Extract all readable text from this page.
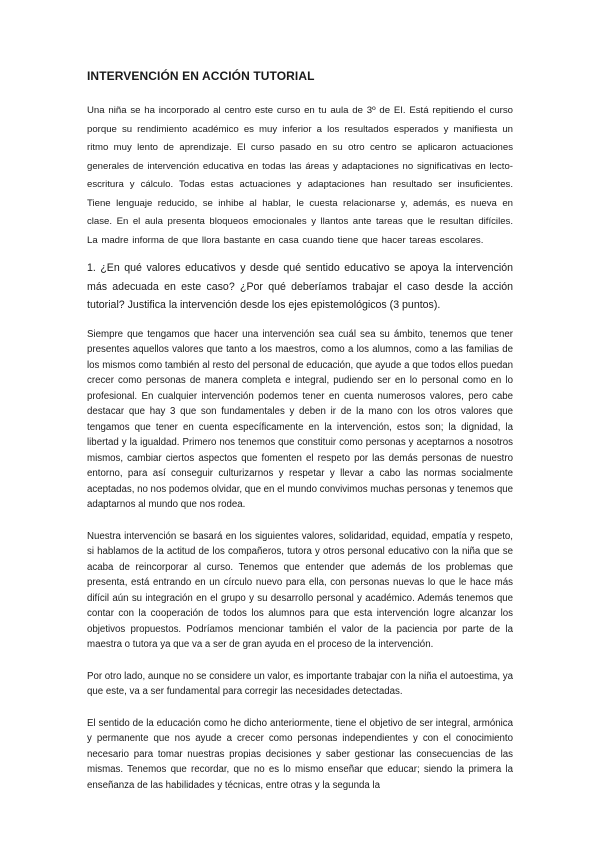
INTERVENCIÓN EN ACCIÓN TUTORIAL

Una niña se ha incorporado al centro este curso en tu aula de 3º de EI. Está repitiendo el curso porque su rendimiento académico es muy inferior a los resultados esperados y manifiesta un ritmo muy lento de aprendizaje. El curso pasado en su otro centro se aplicaron actuaciones generales de intervención educativa en todas las áreas y adaptaciones no significativas en lecto-escritura y cálculo. Todas estas actuaciones y adaptaciones han resultado ser insuficientes. Tiene lenguaje reducido, se inhibe al hablar, le cuesta relacionarse y, además, es nueva en clase. En el aula presenta bloqueos emocionales y llantos ante tareas que le resultan difíciles. La madre informa de que llora bastante en casa cuando tiene que hacer tareas escolares.

1. ¿En qué valores educativos y desde qué sentido educativo se apoya la intervención más adecuada en este caso? ¿Por qué deberíamos trabajar el caso desde la acción tutorial? Justifica la intervención desde los ejes epistemológicos (3 puntos).

Siempre que tengamos que hacer una intervención sea cuál sea su ámbito, tenemos que tener presentes aquellos valores que tanto a los maestros, como a los alumnos, como a las familias de los mismos como también al resto del personal de educación, que ayude a que todos ellos puedan crecer como personas de manera completa e integral, pudiendo ser en lo personal como en lo profesional. En cualquier intervención podemos tener en cuenta numerosos valores, pero cabe destacar que hay 3 que son fundamentales y deben ir de la mano con los otros valores que tengamos que tener en cuenta específicamente en la intervención, estos son; la dignidad, la libertad y la igualdad. Primero nos tenemos que constituir como personas y aceptarnos a nosotros mismos, cambiar ciertos aspectos que fomenten el respeto por las demás personas de nuestro entorno, para así conseguir culturizarnos y respetar y llevar a cabo las normas socialmente aceptadas, no nos podemos olvidar, que en el mundo convivimos muchas personas y tenemos que adaptarnos al mundo que nos rodea.

Nuestra intervención se basará en los siguientes valores, solidaridad, equidad, empatía y respeto, si hablamos de la actitud de los compañeros, tutora y otros personal educativo con la niña que se acaba de reincorporar al curso. Tenemos que entender que además de los problemas que presenta, está entrando en un círculo nuevo para ella, con personas nuevas lo que le hace más difícil aún su integración en el grupo y su desarrollo personal y académico. Además tenemos que contar con la cooperación de todos los alumnos para que esta intervención logre alcanzar los objetivos propuestos. Podríamos mencionar también el valor de la paciencia por parte de la maestra o tutora ya que va a ser de gran ayuda en el proceso de la intervención.

Por otro lado, aunque no se considere un valor, es importante trabajar con la niña el autoestima, ya que este, va a ser fundamental para corregir las necesidades detectadas.

El sentido de la educación como he dicho anteriormente, tiene el objetivo de ser integral, armónica y permanente que nos ayude a crecer como personas independientes y con el conocimiento necesario para tomar nuestras propias decisiones y saber gestionar las consecuencias de las mismas. Tenemos que recordar, que no es lo mismo enseñar que educar; siendo la primera la enseñanza de las habilidades y técnicas, entre otras y la segunda la
